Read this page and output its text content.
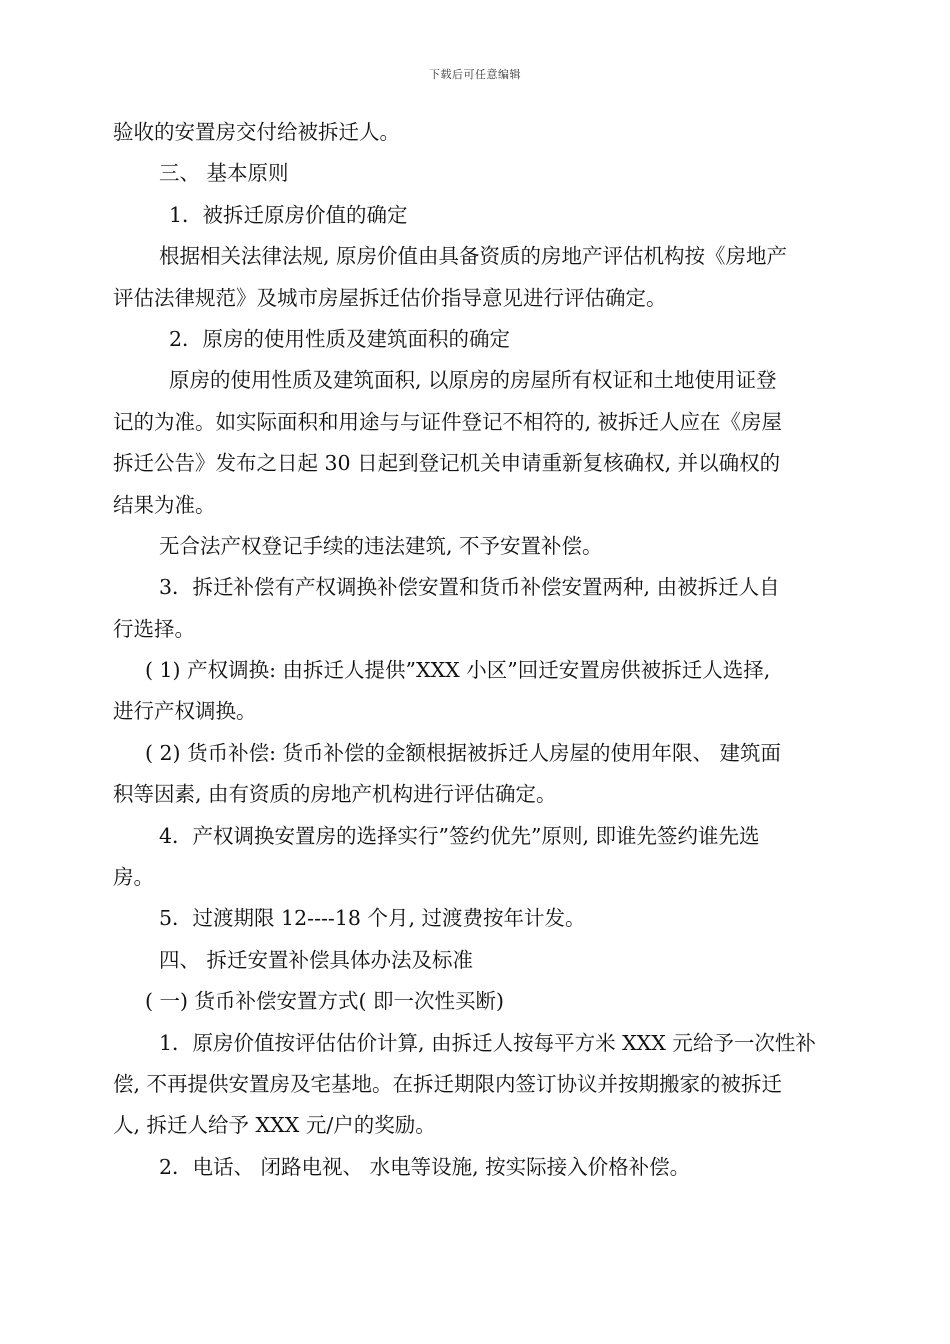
下载后可任意编辑
验收的安置房交付给被拆迁人。
三、 基本原则
1．被拆迁原房价值的确定
根据相关法律法规, 原房价值由具备资质的房地产评估机构按《房地产
评估法律规范》及城市房屋拆迁估价指导意见进行评估确定。
2．原房的使用性质及建筑面积的确定
原房的使用性质及建筑面积, 以原房的房屋所有权证和土地使用证登
记的为准。如实际面积和用途与与证件登记不相符的, 被拆迁人应在《房屋
拆迁公告》发布之日起 30 日起到登记机关申请重新复核确权, 并以确权的
结果为准。
无合法产权登记手续的违法建筑, 不予安置补偿。
3．拆迁补偿有产权调换补偿安置和货币补偿安置两种, 由被拆迁人自
行选择。
( 1) 产权调换: 由拆迁人提供”XXX 小区”回迁安置房供被拆迁人选择,
进行产权调换。
( 2) 货币补偿: 货币补偿的金额根据被拆迁人房屋的使用年限、 建筑面
积等因素, 由有资质的房地产机构进行评估确定。
4．产权调换安置房的选择实行”签约优先”原则, 即谁先签约谁先选
房。
5．过渡期限 12----18 个月, 过渡费按年计发。
四、 拆迁安置补偿具体办法及标准
( 一) 货币补偿安置方式( 即一次性买断)
1．原房价值按评估估价计算, 由拆迁人按每平方米 XXX 元给予一次性补
偿, 不再提供安置房及宅基地。在拆迁期限内签订协议并按期搬家的被拆迁
人, 拆迁人给予 XXX 元/户的奖励。
2．电话、 闭路电视、 水电等设施, 按实际接入价格补偿。
